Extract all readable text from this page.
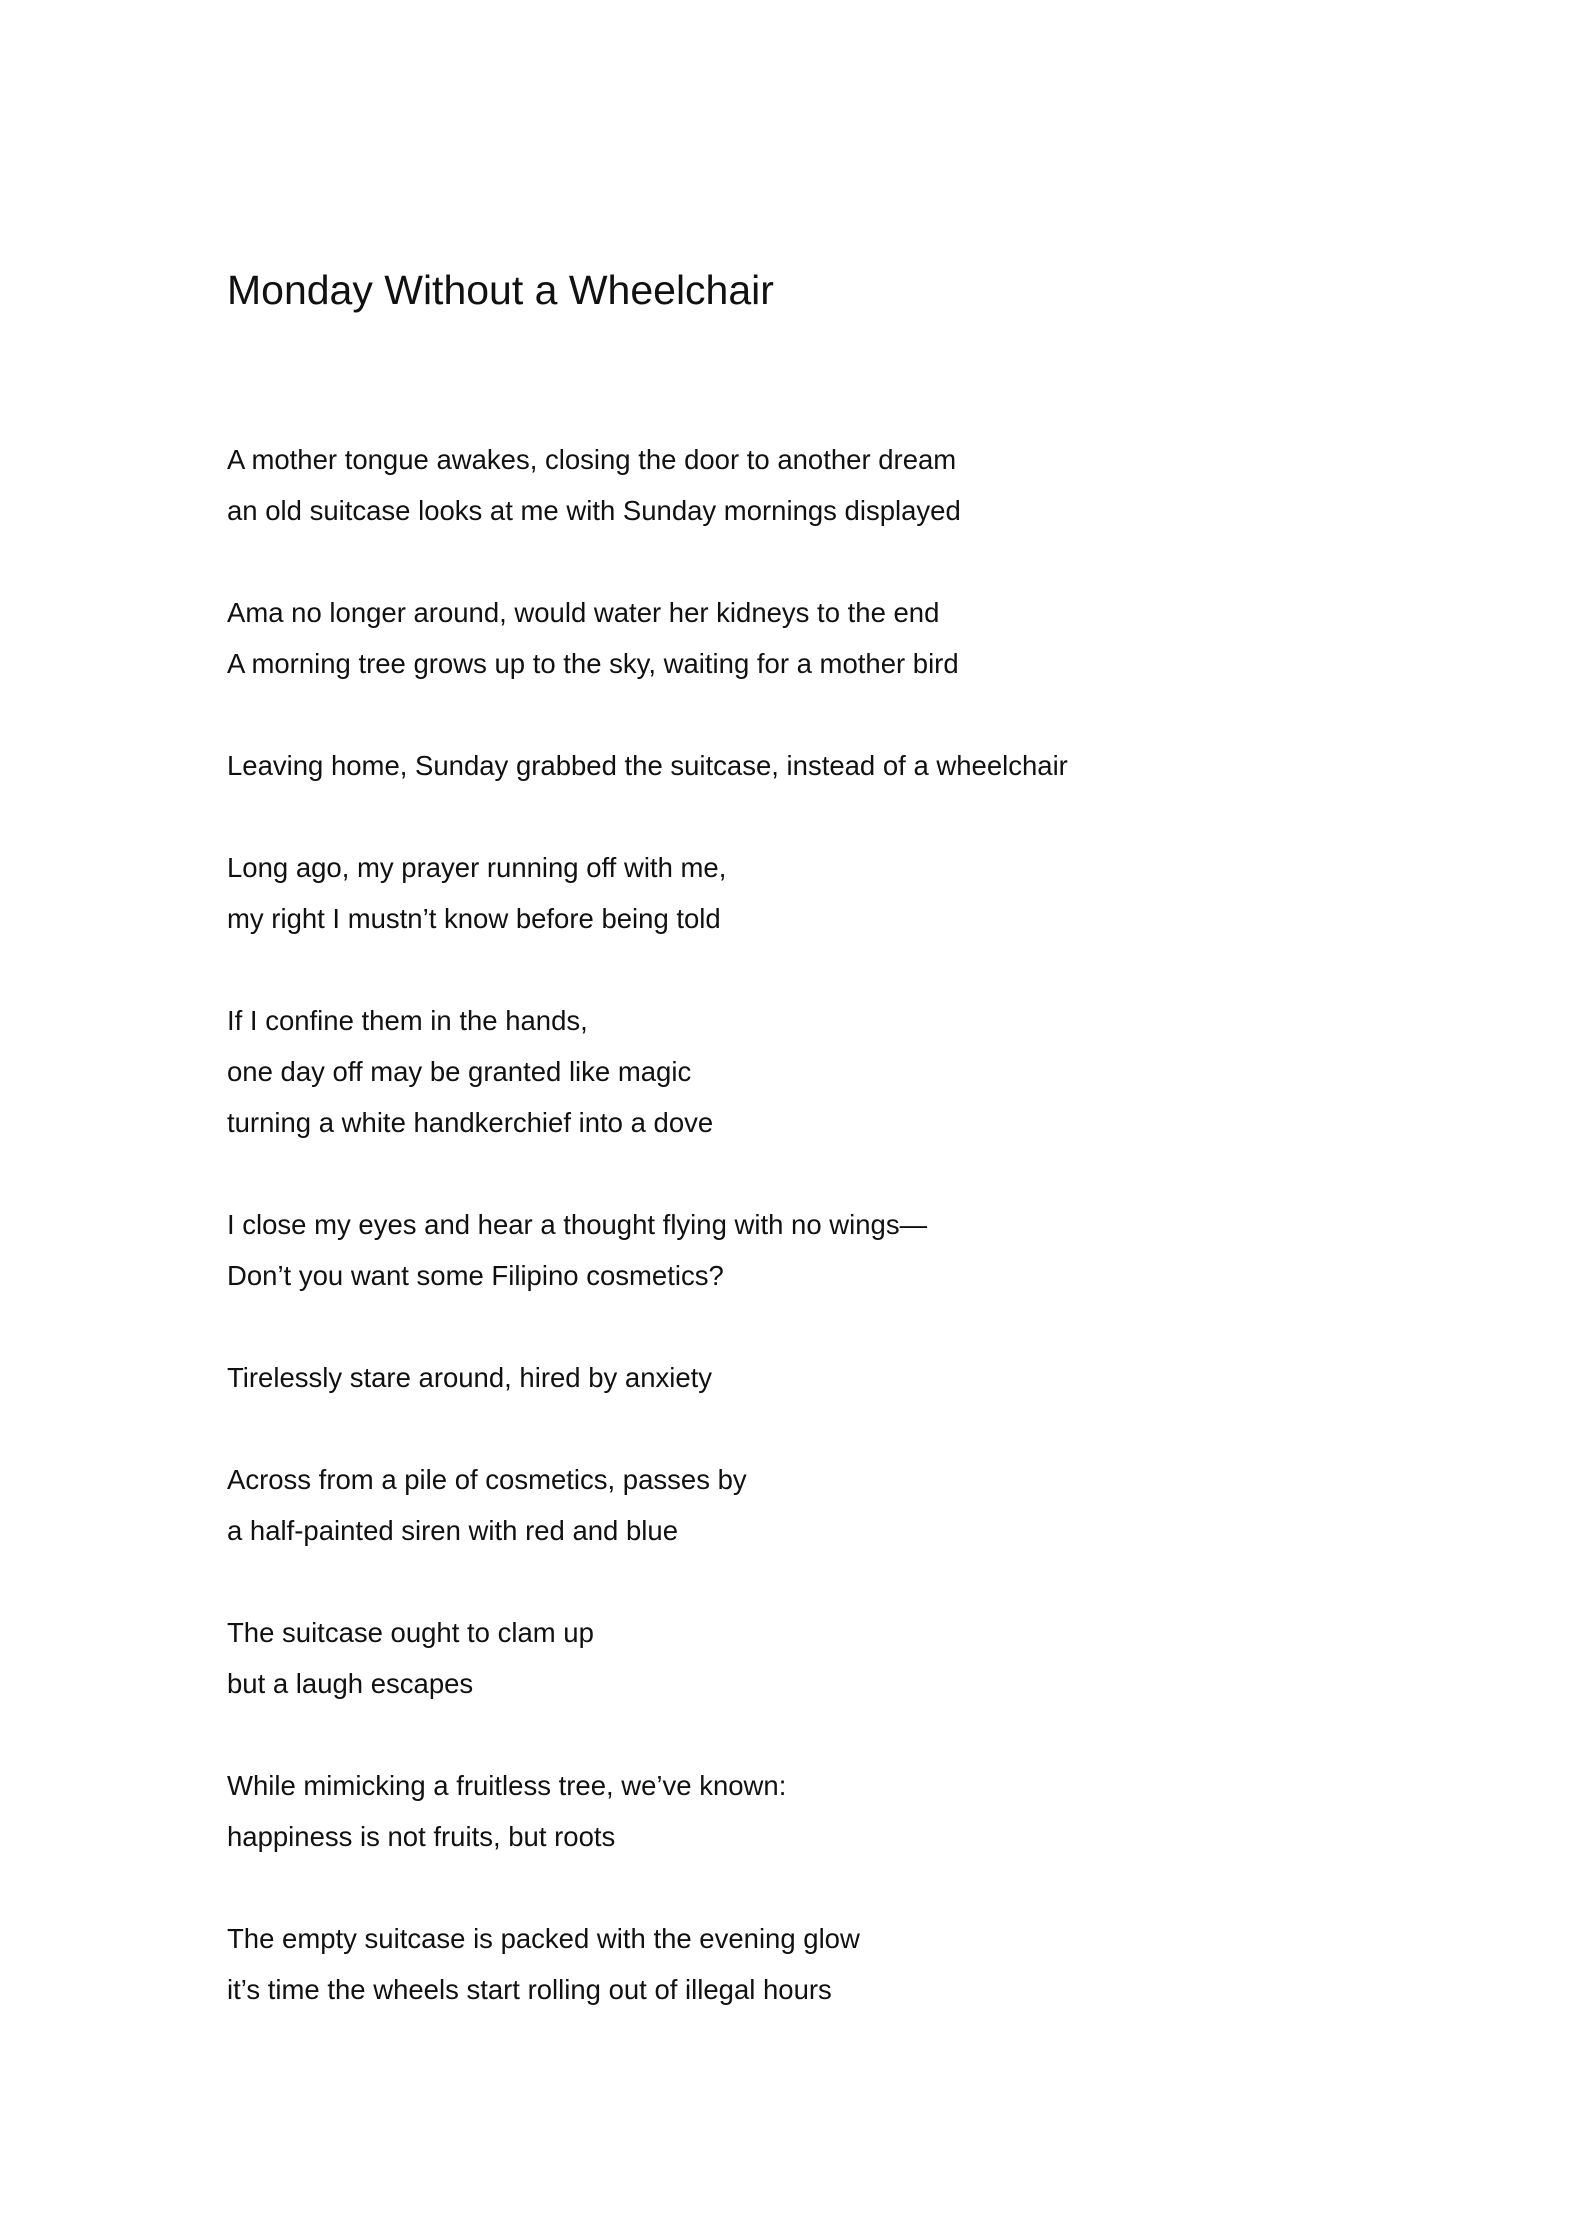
Monday Without a Wheelchair
A mother tongue awakes, closing the door to another dream
an old suitcase looks at me with Sunday mornings displayed
Ama no longer around, would water her kidneys to the end
A morning tree grows up to the sky, waiting for a mother bird
Leaving home, Sunday grabbed the suitcase, instead of a wheelchair
Long ago, my prayer running off with me,
my right I mustn’t know before being told
If I confine them in the hands,
one day off may be granted like magic
turning a white handkerchief into a dove
I close my eyes and hear a thought flying with no wings—
Don’t you want some Filipino cosmetics?
Tirelessly stare around, hired by anxiety
Across from a pile of cosmetics, passes by
a half-painted siren with red and blue
The suitcase ought to clam up
but a laugh escapes
While mimicking a fruitless tree, we’ve known:
happiness is not fruits, but roots
The empty suitcase is packed with the evening glow
it’s time the wheels start rolling out of illegal hours
